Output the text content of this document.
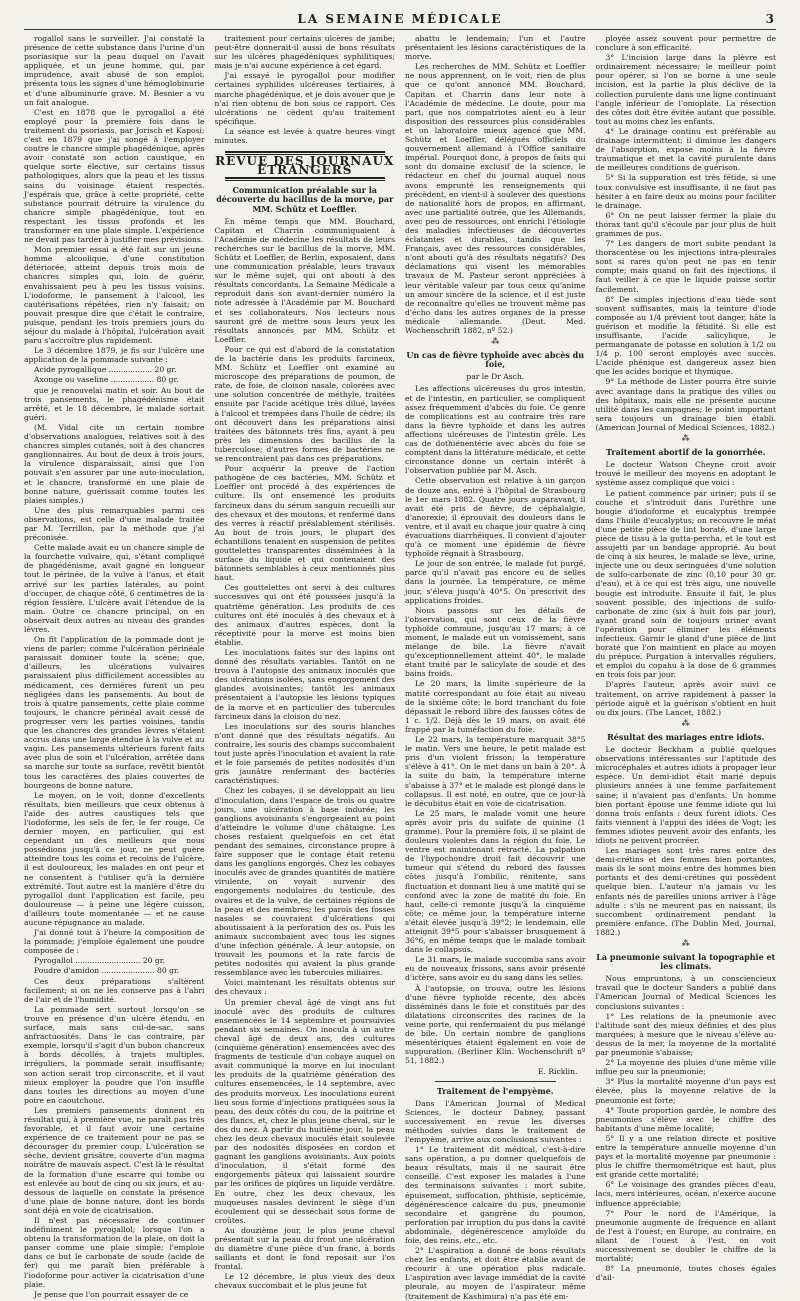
LA SEMAINE MÉDICALE	3

rogallol sans le surveiller. J'ai constaté la présence de cette substance dans l'urine d'un psoriasique sur la peau duquel on l'avait appliquée, et un jeune homme, qui, par imprudence, avait abusé de son emploi, présenta tous les signes d'une hémoglobinurie et d'une albuminurie grave. M. Besnier a vu un fait analogue.

C'est en 1878 que le pyrogallol a été employé pour la première fois dans le traitement du psoriasis, par Jorisch et Kaposi; c'est en 1879 que j'ai songé à l'employer contre le chancre simple phagédénique, après avoir constaté son action caustique, en quelque sorte élective, sur certains tissus pathologiques, alors que la peau et les tissus sains du voisinage étaient respectés. J'espérais que, grâce à cette propriété, cette substance pourrait détruire la virulence du chancre simple phagédénique, tout en respectant les tissus profonds et les transformer en une plaie simple. L'expérience ne devait pas tarder à justifier mes prévisions.

Mon premier essai a été fait sur un jeune homme alcoolique, d'une constitution détériorée, atteint depuis trois mois de chancres simples qui, loin de guérir, envahissaient peu à peu les tissus voisins. L'iodoforme, le pansement à l'alcool, les cautérisations répétées, rien n'y faisait; on pouvait presque dire que c'était le contraire, puisque, pendant les trois premiers jours du séjour du malade à l'hôpital, l'ulcération avait paru s'accroître plus rapidement.

Le 3 décembre 1879, je fis sur l'ulcère une application de la pommade suivante :

Acide pyrogallique .................. 20 gr.

Axonge ou vaseline .................. 80 gr.

que je renouvelai matin et soir. Au bout de trois pansements, le phagédénisme était arrêté, et le 18 décembre, le malade sortait guéri.

(M. Vidal cite un certain nombre d'observations analogues, relatives soit à des chancres simples cutanés, soit à des chancres ganglionnaires. Au bout de deux à trois jours, la virulence disparaissait, ainsi que l'on pouvait s'en assurer par une auto-inoculation, et le chancre, transformé en une plaie de bonne nature, guérissait comme toutes les plaies simples.)

Une des plus remarquables parmi ces observations, est celle d'une malade traitée par M. Terrillon, par la méthode que j'ai préconisée.

Cette malade avait eu un chancre simple de la fourchette vulvaire, qui, s'étant compliqué de phagédénisme, avait gagné en longueur tout le périnée, de la vulve à l'anus, et était arrivé sur les parties latérales, au point d'occuper, de chaque côté, 6 centimètres de la région fessière. L'ulcère avait l'étendue de la main. Outre ce chancre principal, on en observait deux autres au niveau des grandes lèvres.

On fit l'application de la pommade dont je viens de parler; comme l'ulcération périnéale paraissait dominer toute la scène; que, d'ailleurs, les ulcérations vulvaires paraissaient plus difficilement accessibles au médicament, ces dernières furent un peu négligées dans les pansements. Au bout de trois à quatre pansements, cette plaie comme toujours, le chancre périnéal avait cessé de progresser vers les parties voisines, tandis que les chancres des grandes lèvres s'étaient accrus dans une large étendue à la vulve et au vagin. Les pansements ultérieurs furent faits avec plus de soin et l'ulcération, arrêtée dans sa marche sur toute sa surface, revêtit bientôt tous les caractères des plaies couvertes de bourgeons de bonne nature.

Le moyen, on le voit, donne d'excellents résultats, bien meilleurs que ceux obtenus à l'aide des autres caustiques tels que l'iodoforme, les sels de fer, le fer rouge. Ce dernier moyen, en particulier, qui est cependant un des meilleurs que nous possédions jusqu'à ce jour, ne peut guère atteindre tous les coins et recoins de l'ulcère, il est douloureux, les malades en ont peur et ne consentent à l'utiliser qu'à la dernière extrémité. Tout autre est la manière d'être du pyrogallol dont l'application est facile, peu douloureuse — à peine une légère cuisson, d'ailleurs toute momentanée — et ne cause aucune répugnance au malade.

J'ai donné tout à l'heure la composition de la pommade; j'emploie également une poudre composée de :

Pyrogallol ........................... 20 gr.

Poudre d'amidon ...................... 80 gr.

Ces deux préparations s'altèrent facilement; si on ne les conserve pas à l'abri de l'air et de l'humidité.

La pommade sert surtout lorsqu'on se trouve en présence d'un ulcère étendu, en surface, mais sans cul-de-sac, sans anfractuosités. Dans le cas contraire, par exemple, lorsqu'il s'agit d'un bubon chancreux à bords décollés, à trajets multiples, irréguliers, la pommade serait insuffisante; son action serait trop circonscrite, et il vaut mieux employer la poudre que l'on insuffle dans toutes les directions au moyen d'une poire en caoutchouc.

Les premiers pansements donnent en résultat qui, à première vue, ne paraît pas très favorable, et il faut avoir une certaine expérience de ce traitement pour ne pas se décourager du premier coup. L'ulcération se sèche, devient grisâtre, couverte d'un magma noirâtre de mauvais aspect. C'est là le résultat de la formation d'une escarre qui tombe ou est enlevée au bout de cinq ou six jours, et au-dessous de laquelle on constate la présence d'une plaie de bonne nature, dont les bords sont déjà en voie de cicatrisation.

Il n'est pas nécessaire de continuer indéfiniment le pyrogallol; lorsque l'on a obtenu la transformation de la plaie, on doit la panser comme une plaie simple; l'emploie dans ce but le carbonate de soude (acide de fer) qui me paraît bien préférable à l'iodoforme pour activer la cicatrisation d'une plaie.

Je pense que l'on pourrait essayer de ce

traitement pour certains ulcères de jambe; peut-être donnerait-il aussi de bons résultats sur les ulcères phagédéniques syphilitiques; mais je n'ai aucune expérience à cet égard.

J'ai essayé le pyrogallol pour modifier certaines syphilides ulcéreuses tertiaires, à marche phagédénique, et je dois avouer que je n'ai rien obtenu de bon sous ce rapport. Ces ulcérations ne cèdent qu'au traitement spécifique.

La séance est levée à quatre heures vingt minutes.

REVUE DES JOURNAUX ÉTRANGERS
Communication préalable sur la découverte du bacillus de la morve, par MM. Schütz et Loeffler.

En même temps que MM. Bouchard, Capitan et Charrin communiquaient à l'Académie de médecine les résultats de leurs recherches sur le bacillus de la morve, MM. Schütz et Loeffler, de Berlin, exposaient, dans une communication préalable, leurs travaux sur le même sujet, qui ont abouti à des résultats concordants. La Semaine Médicale a reproduit dans son avant-dernier numéro la note adressée à l'Académie par M. Bouchard et ses collaborateurs. Nos lecteurs nous sauront gré de mettre sous leurs yeux les résultats annoncés par MM. Schütz et Loeffler.

Pour ce qui est d'abord de la constatation de la bactérie dans les produits farcineux, MM. Schütz et Loeffler ont examiné au microscope des préparations de poumon, de rate, de foie, de cloison nasale, colorées avec une solution concentrée de méthyle, traitées ensuite par l'acide acétique très dilué, lavées à l'alcool et trempées dans l'huile de cèdre; ils ont découvert dans les préparations ainsi traitées des bâtonnets très fins, ayant à peu près les dimensions des bacillus de la tuberculose; d'autres formes de bactéries ne se rencontraient pas dans ces préparations.

Pour acquérir la preuve de l'action pathogène de ces bactéries, MM. Schütz et Loeffler ont procédé à des expériences de culture. Ils ont ensemencé les produits farcineux dans du sérum sanguin recueilli sur des chevaux et des moutons, et renfermé dans des verres à réactif préalablement stérilisés. Au bout de trois jours, le plupart des échantillons tenaient en suspension de petites gouttelettes transparentes disséminées à la surface du liquide et qui contenaient des bâtonnets semblables à ceux mentionnés plus haut.

Ces gouttelettes ont servi à des cultures successives qui ont été poussées jusqu'à la quatrième génération. Les produits de ces cultures ont été inoculés à des chevaux et à des animaux d'autres espèces, dont la réceptivité pour la morve est moins bien établie.

Les inoculations faites sur des lapins ont donné des résultats variables. Tantôt on ne trouva à l'autopsie des animaux inoculés que des ulcérations isolées, sans engorgement des glandes avoisinantes; tantôt les animaux présentaient à l'autopsie les lésions typiques de la morve et en particulier des tubercules farcineux dans la cloison du nez.

Les inoculations sur des souris blanches n'ont donné que des résultats négatifs. Au contraire, les souris des champs succombaient tout juste après l'inoculation et avaient la rate et le foie parsemés de petites nodosités d'un gris jaunâtre renfermant des bactéries caractéristiques.

Chez les cobayes, il se développait au lieu d'inoculation, dans l'espace de trois ou quatre jours, une ulcération à base indurée; les ganglions avoisinants s'engorgeaient au point d'atteindre le volume d'une châtaigne. Les choses restaient quelquefois en cet état pendant des semaines, circonstance propre à faire supposer que le contage était retenu dans les ganglions engorgés. Chez les cobayes inoculés avec de grandes quantités de matière virulente, on voyait survenir des engorgements nodulaires du testicule, des ovaires et de la vulve, de certaines régions de la peau et des membres; les parois des fosses nasales se couvraient d'ulcérations qui aboutissaient à la perforation des os. Puis les animaux succombaient avec tous les signes d'une infection générale. À leur autopsie, on trouvait les poumons et la rate farcis de petites nodosités qui avaient la plus grande ressemblance avec les tubercules miliaires.

Voici maintenant les résultats obtenus sur des chevaux :

Un premier cheval âgé de vingt ans fut inoculé avec des produits de cultures ensemencées le 14 septembre et poursuivies pendant six semaines. On inocula à un autre cheval âgé de deux ans, des cultures (cinquième génération) ensemencées avec des fragments de testicule d'un cobaye auquel on avait communiqué la morve en lui inoculant les produits de la quatrième génération des cultures ensemencées, le 14 septembre, avec des produits morveux. Les inoculations eurent lieu sous forme d'injections pratiquées sous la peau, des deux côtés du cou, de la poitrine et des flancs, et, chez le plus jeune cheval, sur le dos du nez. À partir du huitième jour, la peau chez les deux chevaux inoculés était soulevée par des nodosités disposées en cordon et gagnant les ganglions avoisinants. Aux points d'inoculation, il s'était formé des engorgements pâteux qui laissaient sourdre par les orifices de piqûres un liquide verdâtre. En outre, chez les deux chevaux, les muqueuses nasales devinrent le siège d'un écoulement qui se desséchait sous forme de croûtes.

Au douzième jour, le plus jeune cheval présentait sur la peau du front une ulcération du diamètre d'une pièce d'un franc, à bords saillants et dont le fond reposait sur l'os frontal.

Le 12 décembre, le plus vieux des deux chevaux succombait et le plus jeune fut

abattu le lendemain; l'un et l'autre présentaient les lésions caractéristiques de la morve.

Les recherches de MM. Schütz et Loeffler ne nous apprennent, on le voit, rien de plus que ce qu'ont annoncé MM. Bouchard, Capitan et Charrin dans leur note à l'Académie de médecine. Le doute, pour ma part, que nos compatriotes aient eu à leur disposition des ressources plus considérables et un laboratoire mieux agencé que MM. Schütz et Loeffler, délégués officiels du gouvernement allemand à l'Office sanitaire impérial. Pourquoi donc, à propos de faits qui sont du domaine exclusif de la science, le rédacteur en chef du journal auquel nous avons emprunté les renseignements qui précèdent, en vient-il à soulever des questions de nationalité hors de propos, en affirmant, avec une partialité outrée, que les Allemands, avec peu de ressources, ont enrichi l'étiologie des maladies infectieuses de découvertes éclatantes et durables, tandis que les Français, avec des ressources considérables, n'ont abouti qu'à des résultats négatifs? Des déclamations qui visent les mémorables travaux de M. Pasteur seront appréciées à leur véritable valeur par tous ceux qu'anime un amour sincère de la science, et il est juste de reconnaître qu'elles ne trouvent même pas d'écho dans les autres organes de la presse médicale allemande. (Deut. Med. Wochenschrift 1882, nº 52.)

⁂
Un cas de fièvre typhoïde avec abcès du foie,
par le Dr Asch.

Les affections ulcéreuses du gros intestin, et de l'intestin, en particulier, se compliquent assez fréquemment d'abcès du foie. Ce genre de complications est au contraire très rare dans la fièvre typhoïde et dans les autres affections ulcéreuses de l'intestin grêle. Les cas de dothiénentérie avec abcès du foie se comptent dans la littérature médicale, et cette circonstance donne un certain intérêt à l'observation publiée par M. Asch.

Cette observation est relative à un garçon de douze ans, entré à l'hôpital de Strasbourg le 1er mars 1882. Quatre jours auparavant, il avait été pris de fièvre, de céphalalgie, d'anorexie; il éprouvait des douleurs dans le ventre, et il avait eu chaque jour quatre à cinq évacuations diarrhéiques. Il convient d'ajouter qu'à ce moment une épidémie de fièvre typhoïde régnait à Strasbourg.

Le jour de son entrée, le malade fut purgé, parce qu'il n'avait pas encore eu de selles dans la journée. La température, ce même jour, s'éleva jusqu'à 40°5. On prescrivit des applications froides.

Nous passons sur les détails de l'observation, qui sont ceux de la fièvre typhoïde commune, jusqu'au 17 mars; à ce moment, le malade eut un vomissement, sans mélange de bile. La fièvre n'avait qu'exceptionnellement atteint 40°, le malade étant traité par le salicylate de soude et des bains froids.

Le 20 mars, la limite supérieure de la matité correspondant au foie était au niveau de la sixième côte; le bord tranchant du foie dépassait le rebord libre des fausses côtes de 1 c. 1/2. Déjà dès le 19 mars, on avait été frappé par la tuméfaction du foie.

Le 22 mars, la température marquait 38°5 le matin. Vers une heure, le petit malade est pris d'un violent frisson; la température s'élève à 41°. On le met dans un bain à 20°. À la suite du bain, la température interne s'abaisse à 37° et le malade est plongé dans le collapsus. Il est noté, en outre, que ce jour-là le décubitus était en voie de cicatrisation.

Le 25 mars, le malade vomit une heure après avoir pris du sulfate de quinine (1 gramme). Pour la première fois, il se plaint de douleurs violentes dans la région du foie. Le ventre est maintenant rétracté. La palpation de l'hypochondre droit fait découvrir une tumeur qui s'étend du rebord des fausses côtes jusqu'à l'ombilic, rénitente, sans fluctuation et donnant lieu à une matité qui se confond avec la zone de matité du foie. En haut, celle-ci remonte jusqu'à la cinquième côte; ce même jour, la température interne s'était élevée jusqu'à 39°2; le lendemain, elle atteignit 39°5 pour s'abaisser brusquement à 36°6, en même temps que le malade tombait dans le collapsus.

Le 31 mars, le malade succomba sans avoir eu de nouveaux frissons, sans avoir présenté d'ictère, sans avoir eu du sang dans les selles.

À l'autopsie, on trouva, outre les lésions d'une fièvre typhoïde récente, des abcès disséminés dans le foie et constitués par des dilatations circonscrites des racines de la veine porte, qui renfermaient du pus mélangé de bile. Un certain nombre de ganglions mésentériques étaient également en voie de suppuration. (Berliner Klin. Wochenschrift nº 51, 1882.)

E. Ricklin.
Traitement de l'empyème.

Dans l'American Journal of Medical Sciences, le docteur Dabney, passant successivement en revue les diverses méthodes suivies dans le traitement de l'empyème, arrive aux conclusions suivantes :

1° Le traitement dit médical, c'est-à-dire sans opération, a pu donner quelquefois de beaux résultats, mais il ne saurait être conseillé. C'est exposer les malades à l'une des terminaisons suivantes : mort subite, épuisement, suffocation, phthisie, septicémie, dégénérescence calcaire du pus, pneumonie secondaire et gangrène du poumon, perforation par irruption du pus dans la cavité abdominale, dégénérescence amyloïde du foie, des reins, etc., etc.

2° L'aspiration a donné de bons résultats chez les enfants, et doit être établie avant de recourir à une opération plus radicale. L'aspiration avec lavage immédiat de la cavité pleurale, au moyen de l'aspirateur même (traitement de Kashimura) n'a pas été em-

ployée assez souvent pour permettre de conclure à son efficacité.

3° L'incision large dans la plèvre est ordinairement nécessaire; le meilleur point pour opérer, si l'on se borne à une seule incision, est la partie la plus déclive de la collection purulente dans une ligne continuant l'angle inférieur de l'omoplate. La résection des côtes doit être évitée autant que possible, tout au moins chez les enfants.

4° Le drainage continu est préférable au drainage intermittent; il diminue les dangers de l'absorption, expose moins à la fièvre traumatique et met la cavité purulente dans de meilleures conditions de guérison.

5° Si la suppuration est très fétide, si une toux convulsive est insuffisante, il ne faut pas hésiter à en faire deux au moins pour faciliter le drainage.

6° On ne peut laisser fermer la plaie du thorax tant qu'il s'écoule par jour plus de huit grammes de pus.

7° Les dangers de mort subite pendant la thoracentèse ou les injections intra-pleurales sont si rares qu'on peut ne pas en tenir compte; mais quand on fait des injections, il faut veiller à ce que le liquide puisse sortir facilement.

8° De simples injections d'eau tiède sont souvent suffisantes, mais la teinture d'iode composée au 1/4 prévient tout danger, hâte la guérison et modifie la fétidité. Si elle est insuffisante, l'acide salicylique, le permanganate de potasse en solution à 1/2 ou 1/4 p. 100 seront employés avec succès. L'acide phénique est dangereux assez bien que les acides borique et thymique.

9° La méthode de Lister pourra être suivie avec avantage dans la pratique des villes ou des hôpitaux, mais elle ne présente aucune utilité dans les campagnes; le point important sera toujours un drainage bien établi. (American Journal of Medical Sciences, 1882.)

⁂
Traitement abortif de la gonorrhée.

Le docteur Watson Cheyne croit avoir trouvé le meilleur des moyens en adoptant le système assez compliqué que voici :

Le patient commence par uriner; puis il se couche et s'introduit dans l'urèthre une bougie d'iodoforme et eucalyptus trempée dans l'huile d'eucalyptus; on recouvre le méat d'une petite pièce de lint boraté, d'une large pièce de tissu à la gutta-percha, et le tout est assujetti par un bandage approprié. Au bout de cinq à six heures, le malade se lève, urine, injecte une ou deux seringuées d'une solution de sulfo-carbonate de zinc (0,10 pour 30 gr. d'eau), et à ce qui est très aigu, une nouvelle bougie est introduite. Ensuite il fait, le plus souvent possible, des injections de sulfo-carbonate de zinc (six à huit fois par jour), ayant grand soin de toujours uriner avant l'opération pour éliminer les éléments infectieux. Garnir le gland d'une pièce de lint boraté que l'on maintient en place au moyen du prépuce. Purgation à intervalles réguliers, et emploi du copahu à la dose de 6 grammes en trois fois par jour.

D'après l'auteur, après avoir suivi ce traitement, on arrive rapidement à passer la période aiguë et la guérison s'obtient en huit ou dix jours. (The Lancet, 1882.)

⁂
Résultat des mariages entre idiots.

Le docteur Beckham a publié quelques observations intéressantes sur l'aptitude des microcéphales et autres idiots à propager leur espèce. Un demi-idiot était marié depuis plusieurs années à une femme parfaitement saine; il n'avaient pas d'enfants. Un homme bien portant épouse une femme idiote qui lui donna trois enfants : deux furent idiots. Ces faits viennent à l'appui des idées de Vogt; les femmes idiotes peuvent avoir des enfants, les idiots ne peuvent procréer.

Les mariages sont très rares entre des demi-crétins et des femmes bien portantes, mais ils le sont moins entre des hommes bien portants et des demi-crétines qui possèdent quelque bien. L'auteur n'a jamais vu les enfants nés de pareilles unions arriver à l'âge adulte : s'ils ne meurent pas en naissant, ils succombent ordinairement pendant la première enfance. (The Dublin Med. Journal, 1882.)

⁂
La pneumonie suivant la topographie et les climats.

Nous empruntons, à un consciencieux travail que le docteur Sanders a publié dans l'American Journal of Medical Sciences les conclusions suivantes :

1° Les relations de la pneumonie avec l'altitude sont des mieux définies et des plus marquées; à mesure que le niveau s'élève au-dessus de la mer, la moyenne de la mortalité par pneumonie s'abaisse;

2° La moyenne des pluies d'une même ville influe peu sur la pneumonie;

3° Plus la mortalité moyenne d'un pays est élevée, plus la moyenne relative de la pneumonie est forte;

4° Toute proportion gardée, le nombre des pneumonies s'élève avec le chiffre des habitants d'une même localité;

5° Il y a une relation directe et positive entre la température annuelle moyenne d'un pays et la mortalité moyenne par pneumonie : plus le chiffre thermométrique est haut, plus est grande cette mortalité;

6° Le voisinage des grandes pièces d'eau, lacs, mers intérieures, océan, n'exerce aucune influence appréciable;

7° Pour le nord de l'Amérique, la pneumonie augmente de fréquence en allant de l'est à l'ouest; en Europe, au contraire, en allant de l'ouest à l'est, on voit successivement se doubler le chiffre de la mortalité;

8° La pneumonie, toutes choses égales d'ail-
